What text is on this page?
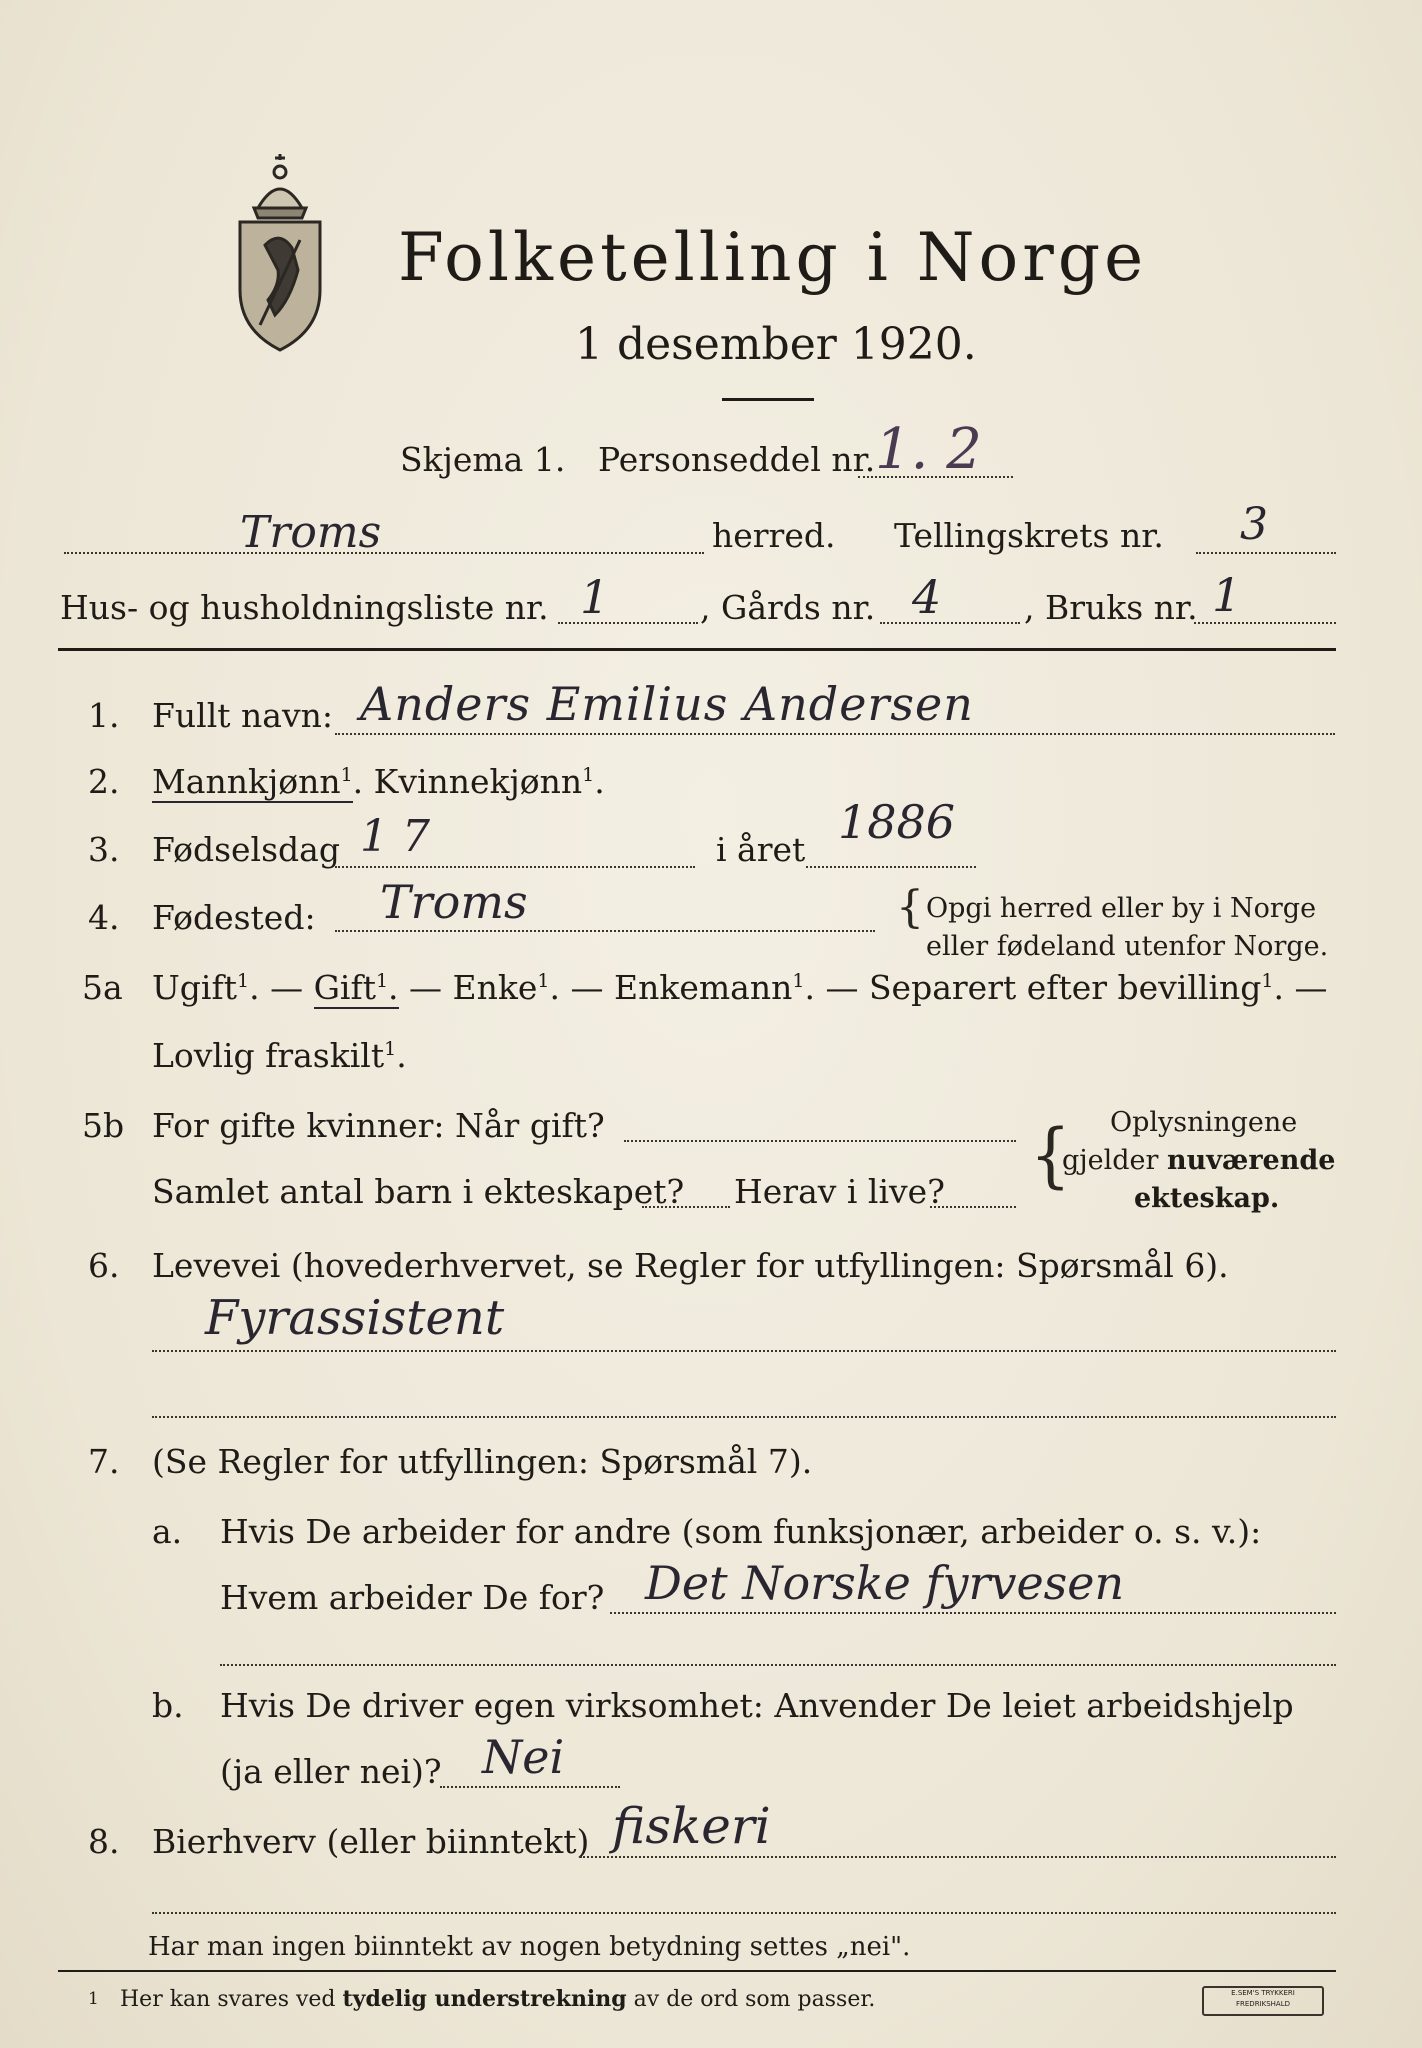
Folketelling i Norge
1 desember 1920.
Skjema 1. Personseddel nr. 1. 2
Troms	herred. Tellingskrets nr. 3
Hus- og husholdningsliste nr. 1	, Gårds nr. 4	, Bruks nr. 1
1. Fullt navn: Anders Emilius Andersen
2. Mannkjønn$^1$. Kvinnekjønn$^1$.
3. Fødselsdag 1 7	i året
1886
4. Fødested: Troms	{ Opgi herred eller by i Norge
eller fødeland utenfor Norge.
5a Ugift$^1$. — Gift$^1$. — Enke$^1$. — Enkemann$^1$. — Separert efter bevilling$^1$. —
Lovlig fraskilt$^1$.
5b For gifte kvinner: Når gift?
Samlet antal barn i ekteskapet? Herav i live? { Oplysningene
gjelder nuværende
ekteskap.
6. Levevei (hovederhvervet, se Regler for utfyllingen: Spørsmål 6).
Fyrassistent
7. (Se Regler for utfyllingen: Spørsmål 7).
a. Hvis De arbeider for andre (som funksjonær, arbeider o. s. v.):
Hvem arbeider De for? Det Norske fyrvesen
b. Hvis De driver egen virksomhet: Anvender De leiet arbeidshjelp
(ja eller nei)? Nei
8. Bierhverv (eller biinntekt) fiskeri
Har man ingen biinntekt av nogen betydning settes „nei".
1 Her kan svares ved tydelig understrekning av de ord som passer.	E.SEM'S TRYKKERI
FREDRIKSHALD
